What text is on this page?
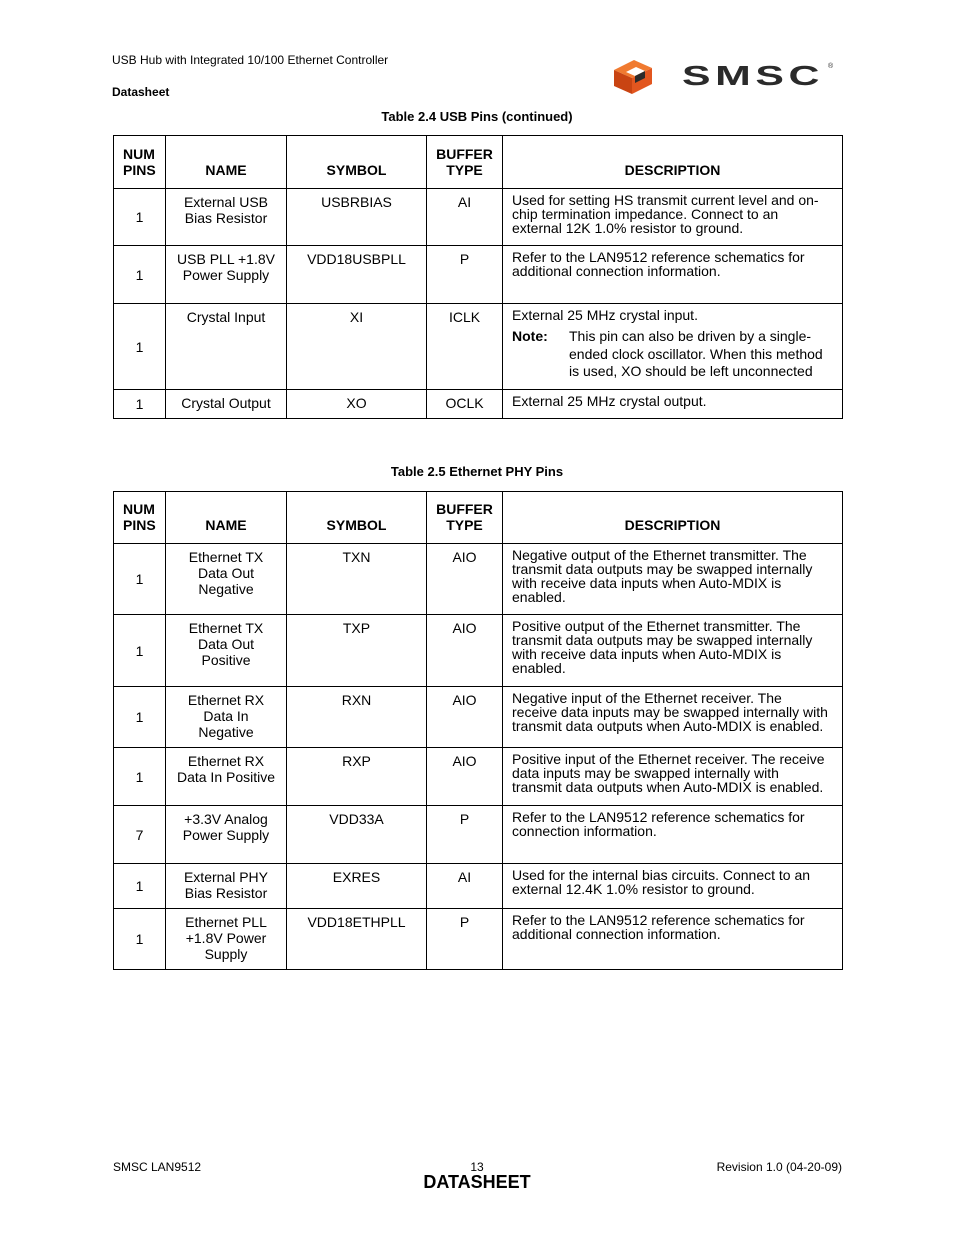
USB Hub with Integrated 10/100 Ethernet Controller
Datasheet
SMSC ®
Table 2.4 USB Pins (continued)
NUM
PINS	NAME	SYMBOL	BUFFER
TYPE	DESCRIPTION
1	External USB
Bias Resistor	USBRBIAS	AI	Used for setting HS transmit current level and on-chip termination impedance. Connect to an external 12K 1.0% resistor to ground.
1	USB PLL +1.8V
Power Supply	VDD18USBPLL	P	Refer to the LAN9512 reference schematics for additional connection information.
1	Crystal Input	XI	ICLK	External 25 MHz crystal input.
Note: This pin can also be driven by a single-ended clock oscillator. When this method is used, XO should be left unconnected

1	Crystal Output	XO	OCLK	External 25 MHz crystal output.
Table 2.5 Ethernet PHY Pins
NUM
PINS	NAME	SYMBOL	BUFFER
TYPE	DESCRIPTION
1	Ethernet TX
Data Out
Negative	TXN	AIO	Negative output of the Ethernet transmitter. The transmit data outputs may be swapped internally with receive data inputs when Auto-MDIX is enabled.
1	Ethernet TX
Data Out
Positive	TXP	AIO	Positive output of the Ethernet transmitter. The transmit data outputs may be swapped internally with receive data inputs when Auto-MDIX is enabled.
1	Ethernet RX
Data In
Negative	RXN	AIO	Negative input of the Ethernet receiver. The receive data inputs may be swapped internally with transmit data outputs when Auto-MDIX is enabled.
1	Ethernet RX
Data In Positive	RXP	AIO	Positive input of the Ethernet receiver. The receive data inputs may be swapped internally with transmit data outputs when Auto-MDIX is enabled.
7	+3.3V Analog
Power Supply	VDD33A	P	Refer to the LAN9512 reference schematics for connection information.
1	External PHY
Bias Resistor	EXRES	AI	Used for the internal bias circuits. Connect to an external 12.4K 1.0% resistor to ground.
1	Ethernet PLL
+1.8V Power
Supply	VDD18ETHPLL	P	Refer to the LAN9512 reference schematics for additional connection information.
SMSC LAN9512	13	Revision 1.0 (04-20-09)
DATASHEET
